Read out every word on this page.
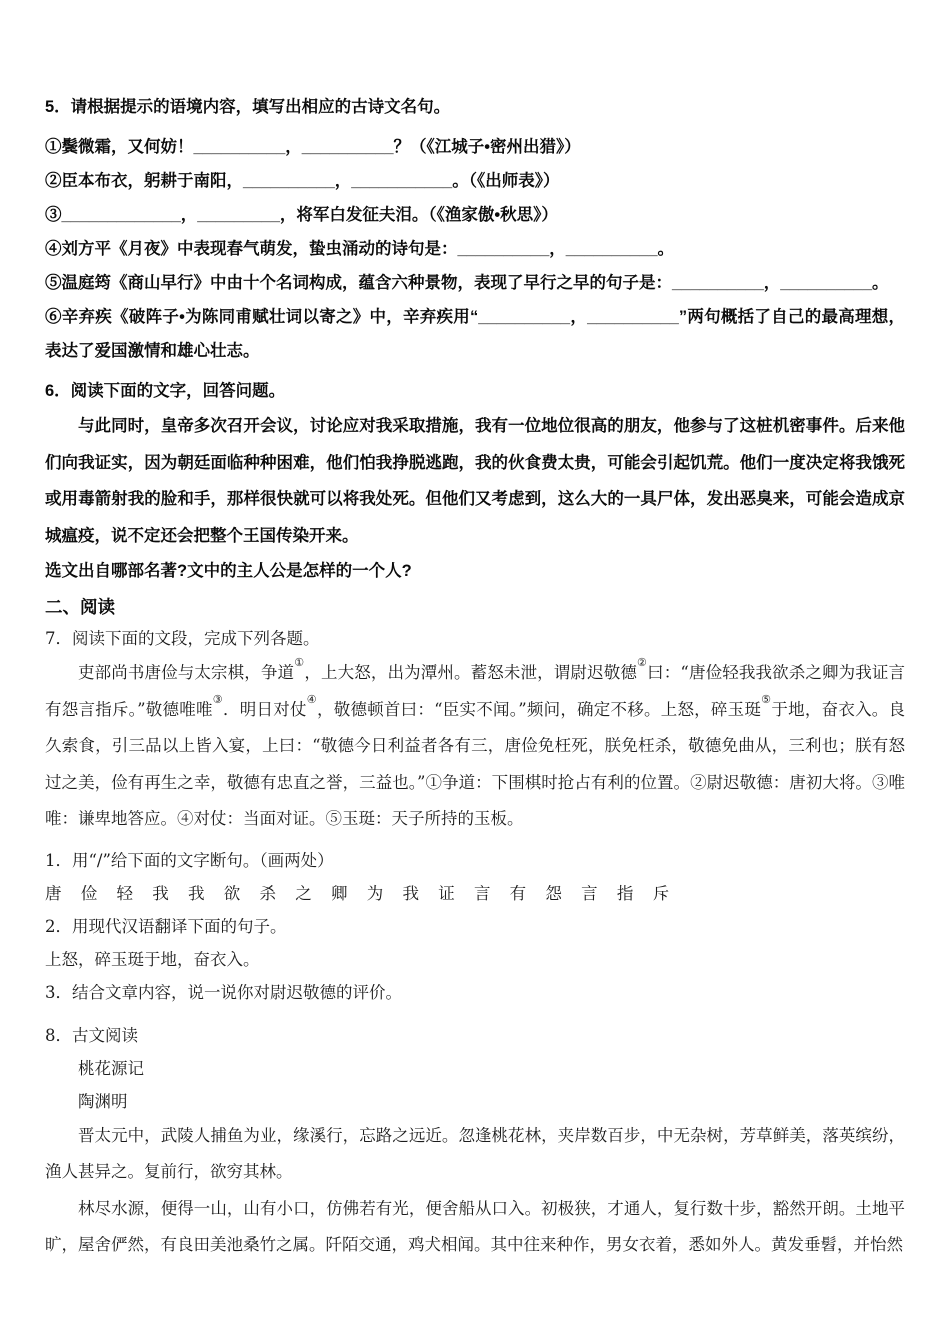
5．请根据提示的语境内容，填写出相应的古诗文名句。

①鬓微霜，又何妨！__________，__________？（《江城子•密州出猎》）

②臣本布衣，躬耕于南阳，__________，___________。（《出师表》）

③_____________，_________，将军白发征夫泪。（《渔家傲•秋思》）

④刘方平《月夜》中表现春气萌发，蛰虫涌动的诗句是：__________，__________。

⑤温庭筠《商山早行》中由十个名词构成，蕴含六种景物，表现了早行之早的句子是：__________，__________。

⑥辛弃疾《破阵子•为陈同甫赋壮词以寄之》中，辛弃疾用“__________，__________”两句概括了自己的最高理想，表达了爱国激情和雄心壮志。

6．阅读下面的文字，回答问题。

与此同时，皇帝多次召开会议，讨论应对我采取措施，我有一位地位很高的朋友，他参与了这桩机密事件。后来他们向我证实，因为朝廷面临种种困难，他们怕我挣脱逃跑，我的伙食费太贵，可能会引起饥荒。他们一度决定将我饿死或用毒箭射我的脸和手，那样很快就可以将我处死。但他们又考虑到，这么大的一具尸体，发出恶臭来，可能会造成京城瘟疫，说不定还会把整个王国传染开来。

选文出自哪部名著?文中的主人公是怎样的一个人?

二、阅读

7．阅读下面的文段，完成下列各题。

吏部尚书唐俭与太宗棋，争道①，上大怒，出为潭州。蓄怒未泄，谓尉迟敬德②曰：“唐俭轻我我欲杀之卿为我证言有怨言指斥。”敬德唯唯③．明日对仗④，敬德顿首曰：“臣实不闻。”频问，确定不移。上怒，碎玉珽⑤于地，奋衣入。良久索食，引三品以上皆入宴，上曰：“敬德今日利益者各有三，唐俭免枉死，朕免枉杀，敬德免曲从，三利也；朕有怒过之美，俭有再生之幸，敬德有忠直之誉，三益也。”①争道：下围棋时抢占有利的位置。②尉迟敬德：唐初大将。③唯唯：谦卑地答应。④对仗：当面对证。⑤玉珽：天子所持的玉板。

1．用“/”给下面的文字断句。（画两处）

唐 俭 轻 我 我 欲 杀 之 卿 为 我 证 言 有 怨 言 指 斥

2．用现代汉语翻译下面的句子。

上怒，碎玉珽于地，奋衣入。

3．结合文章内容，说一说你对尉迟敬德的评价。

8．古文阅读

桃花源记

陶渊明

晋太元中，武陵人捕鱼为业，缘溪行，忘路之远近。忽逢桃花林，夹岸数百步，中无杂树，芳草鲜美，落英缤纷，渔人甚异之。复前行，欲穷其林。

林尽水源，便得一山，山有小口，仿佛若有光，便舍船从口入。初极狭，才通人，复行数十步，豁然开朗。土地平旷，屋舍俨然，有良田美池桑竹之属。阡陌交通，鸡犬相闻。其中往来种作，男女衣着，悉如外人。黄发垂髫，并怡然
